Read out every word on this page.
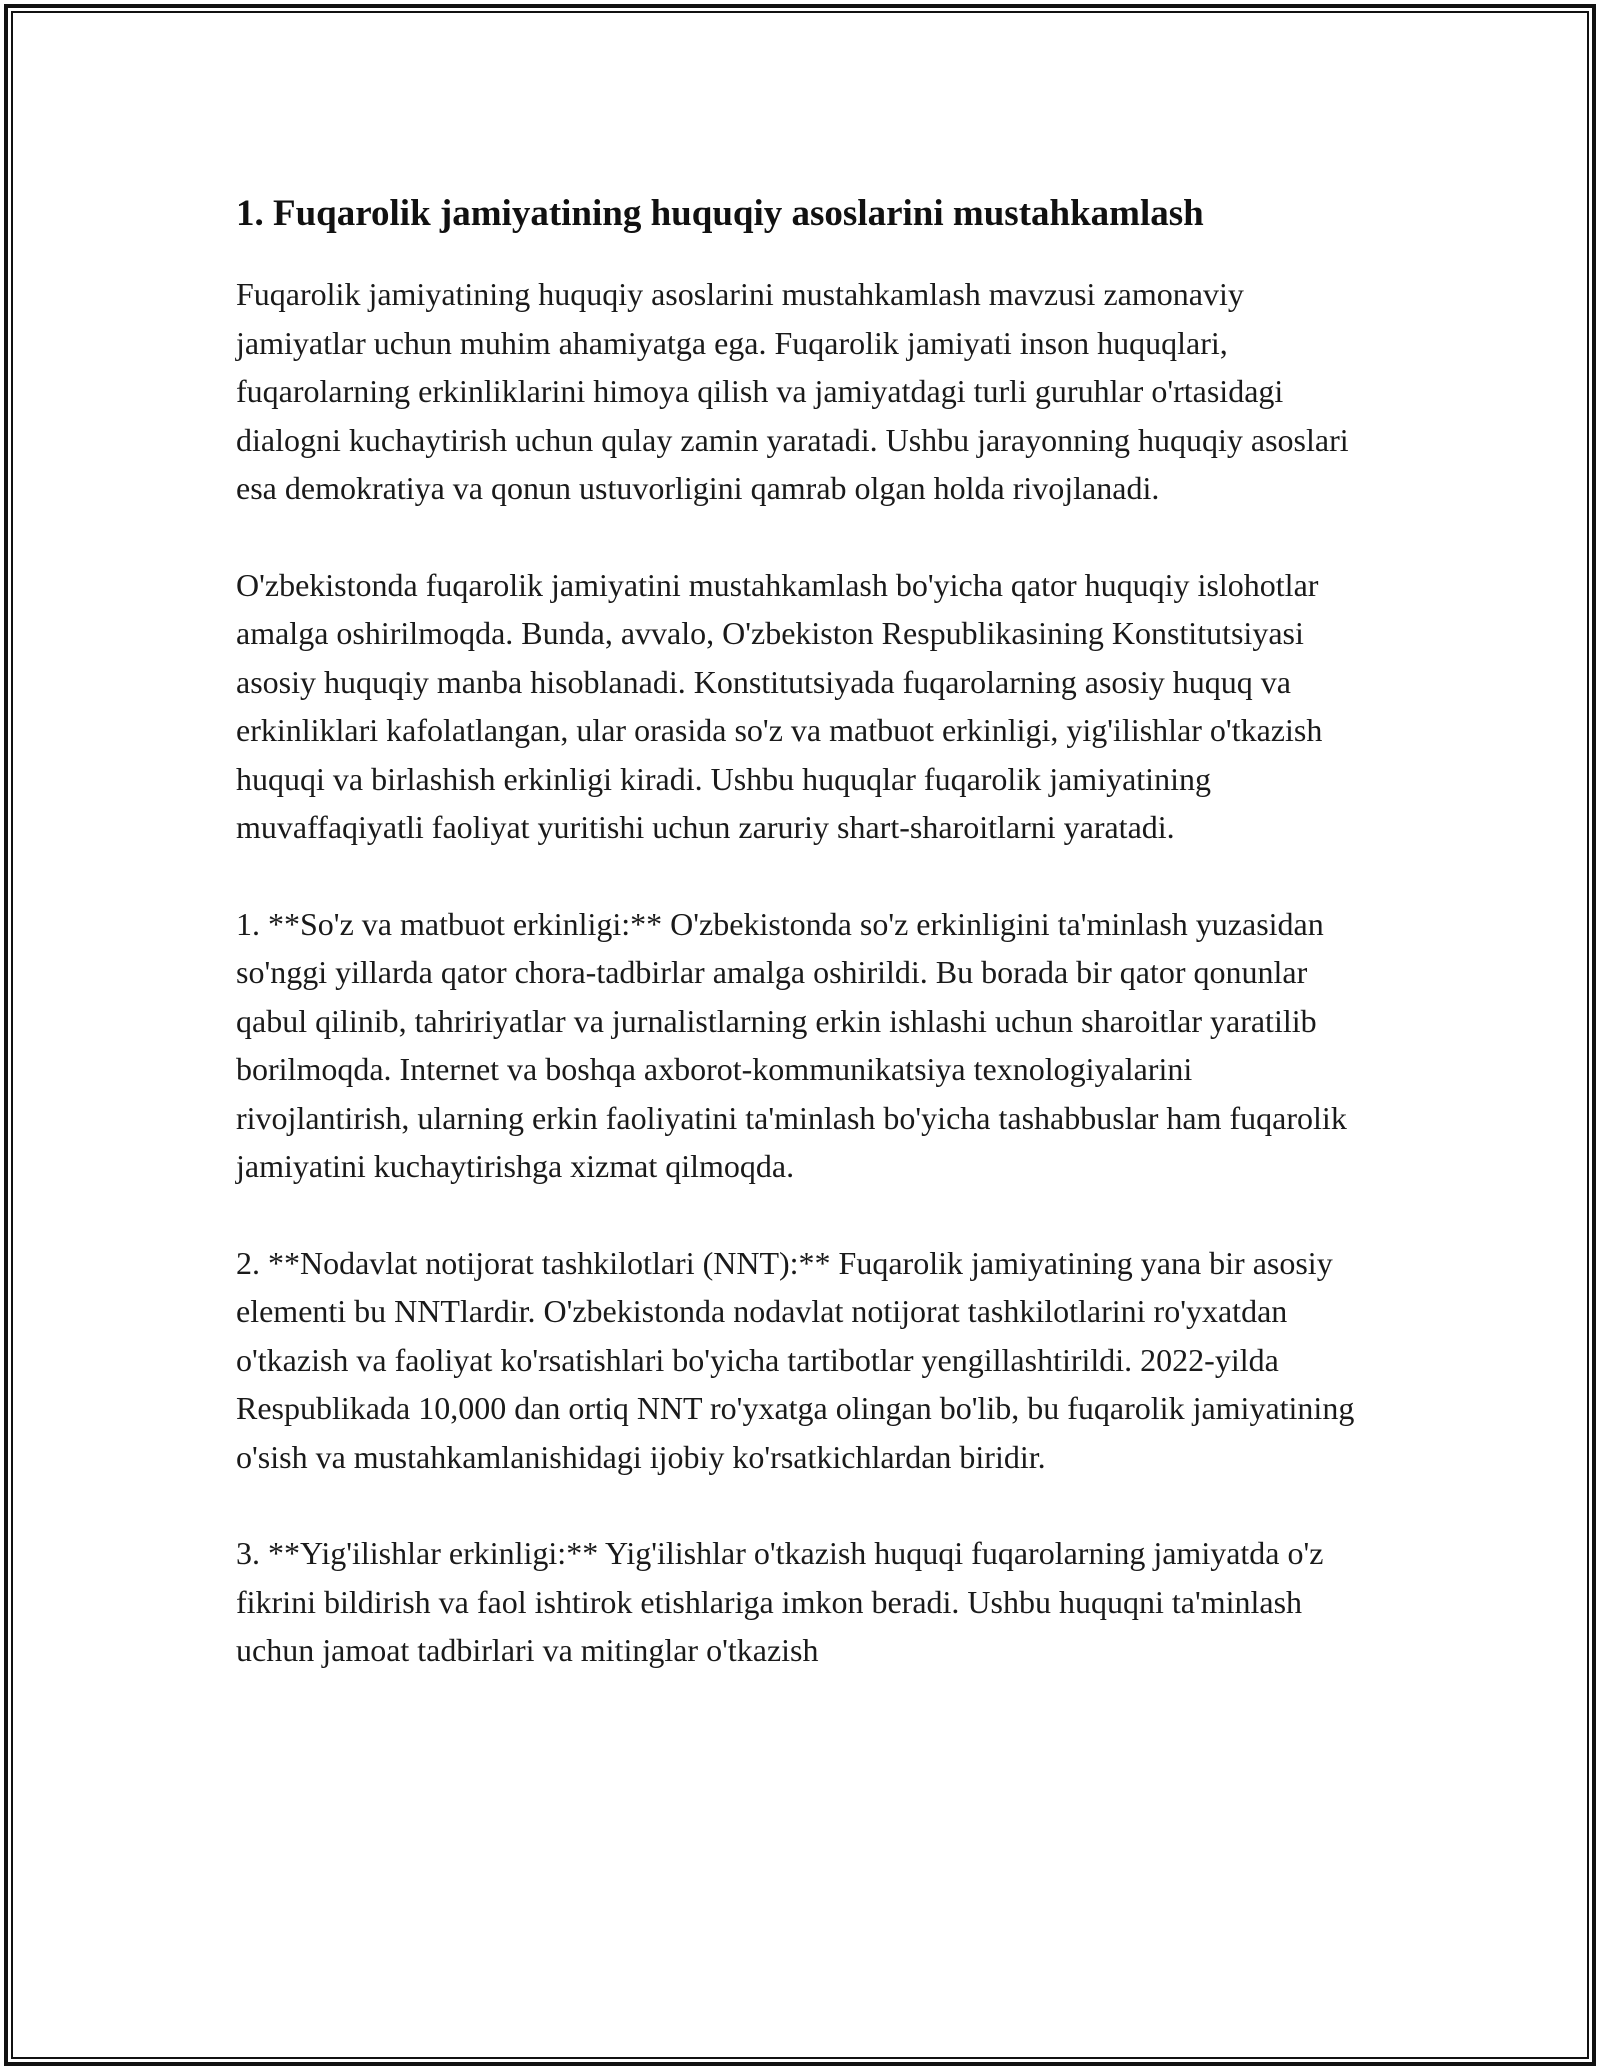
1. Fuqarolik jamiyatining huquqiy asoslarini mustahkamlash

Fuqarolik jamiyatining huquqiy asoslarini mustahkamlash mavzusi zamonaviy jamiyatlar uchun muhim ahamiyatga ega. Fuqarolik jamiyati inson huquqlari, fuqarolarning erkinliklarini himoya qilish va jamiyatdagi turli guruhlar o'rtasidagi dialogni kuchaytirish uchun qulay zamin yaratadi. Ushbu jarayonning huquqiy asoslari esa demokratiya va qonun ustuvorligini qamrab olgan holda rivojlanadi.

O'zbekistonda fuqarolik jamiyatini mustahkamlash bo'yicha qator huquqiy islohotlar amalga oshirilmoqda. Bunda, avvalo, O'zbekiston Respublikasining Konstitutsiyasi asosiy huquqiy manba hisoblanadi. Konstitutsiyada fuqarolarning asosiy huquq va erkinliklari kafolatlangan, ular orasida so'z va matbuot erkinligi, yig'ilishlar o'tkazish huquqi va birlashish erkinligi kiradi. Ushbu huquqlar fuqarolik jamiyatining muvaffaqiyatli faoliyat yuritishi uchun zaruriy shart-sharoitlarni yaratadi.

1. **So'z va matbuot erkinligi:** O'zbekistonda so'z erkinligini ta'minlash yuzasidan so'nggi yillarda qator chora-tadbirlar amalga oshirildi. Bu borada bir qator qonunlar qabul qilinib, tahririyatlar va jurnalistlarning erkin ishlashi uchun sharoitlar yaratilib borilmoqda. Internet va boshqa axborot-kommunikatsiya texnologiyalarini rivojlantirish, ularning erkin faoliyatini ta'minlash bo'yicha tashabbuslar ham fuqarolik jamiyatini kuchaytirishga xizmat qilmoqda.

2. **Nodavlat notijorat tashkilotlari (NNT):** Fuqarolik jamiyatining yana bir asosiy elementi bu NNTlardir. O'zbekistonda nodavlat notijorat tashkilotlarini ro'yxatdan o'tkazish va faoliyat ko'rsatishlari bo'yicha tartibotlar yengillashtirildi. 2022-yilda Respublikada 10,000 dan ortiq NNT ro'yxatga olingan bo'lib, bu fuqarolik jamiyatining o'sish va mustahkamlanishidagi ijobiy ko'rsatkichlardan biridir.

3. **Yig'ilishlar erkinligi:** Yig'ilishlar o'tkazish huquqi fuqarolarning jamiyatda o'z fikrini bildirish va faol ishtirok etishlariga imkon beradi. Ushbu huquqni ta'minlash uchun jamoat tadbirlari va mitinglar o'tkazish
